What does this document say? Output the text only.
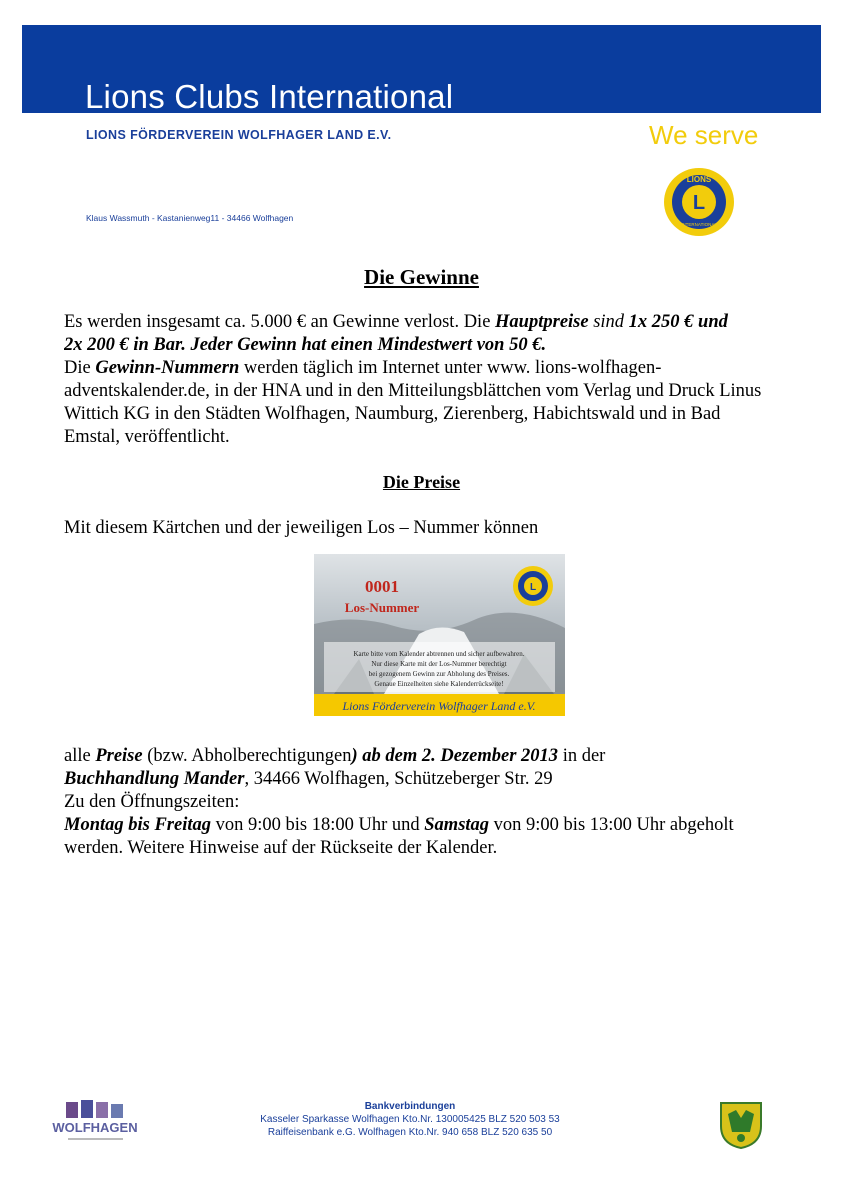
Lions Clubs International
LIONS FÖRDERVEREIN WOLFHAGER LAND E.V.	We serve
Klaus Wassmuth - Kastanienweg11 - 34466 Wolfhagen
LIONS
L
INTERNATIONAL
Die Gewinne
Es werden insgesamt ca. 5.000 € an Gewinne verlost. Die Hauptpreise sind 1x 250 € und
2x 200 € in Bar. Jeder Gewinn hat einen Mindestwert von 50 €.
Die Gewinn-Nummern werden täglich im Internet unter www. lions-wolfhagen-
adventskalender.de, in der HNA und in den Mitteilungsblättchen vom Verlag und Druck Linus
Wittich KG in den Städten Wolfhagen, Naumburg, Zierenberg, Habichtswald und in Bad
Emstal, veröffentlicht.
Die Preise
Mit diesem Kärtchen und der jeweiligen Los – Nummer können
0001
Los-Nummer
L
Karte bitte vom Kalender abtrennen und sicher aufbewahren.
Nur diese Karte mit der Los-Nummer berechtigt
bei gezogenem Gewinn zur Abholung des Preises.
Genaue Einzelheiten siehe Kalenderrückseite!
Lions Förderverein Wolfhager Land e.V.
alle Preise (bzw. Abholberechtigungen) ab dem 2. Dezember 2013 in der
Buchhandlung Mander, 34466 Wolfhagen, Schützeberger Str. 29
Zu den Öffnungszeiten:
Montag bis Freitag von 9:00 bis 18:00 Uhr und Samstag von 9:00 bis 13:00 Uhr abgeholt
werden. Weitere Hinweise auf der Rückseite der Kalender.
WOLFHAGEN
Bankverbindungen
Kasseler Sparkasse Wolfhagen Kto.Nr. 130005425 BLZ 520 503 53
Raiffeisenbank e.G. Wolfhagen Kto.Nr. 940 658 BLZ 520 635 50
